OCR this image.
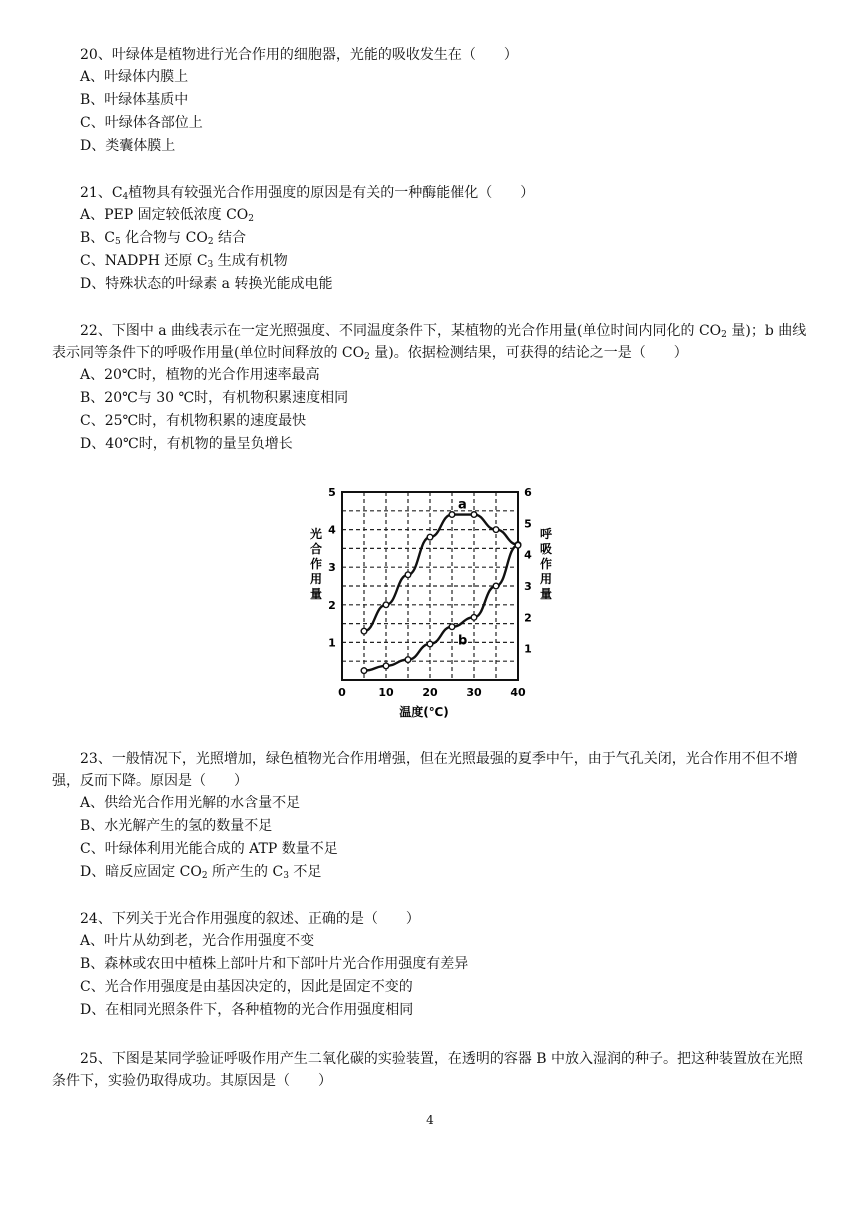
20、叶绿体是植物进行光合作用的细胞器，光能的吸收发生在（　　）

A、叶绿体内膜上

B、叶绿体基质中

C、叶绿体各部位上

D、类囊体膜上

21、$C_4$植物具有较强光合作用强度的原因是有关的一种酶能催化（　　）

A、PEP 固定较低浓度 $CO_2$

B、$C_5$ 化合物与 $CO_2$ 结合

C、NADPH 还原 $C_3$ 生成有机物

D、特殊状态的叶绿素 a 转换光能成电能

22、下图中 a 曲线表示在一定光照强度、不同温度条件下，某植物的光合作用量(单位时间内同化的 $CO_2$ 量)；b 曲线表示同等条件下的呼吸作用量(单位时间释放的 $CO_2$ 量)。依据检测结果，可获得的结论之一是（　　）

A、20℃时，植物的光合作用速率最高

B、20℃与 30 ℃时，有机物积累速度相同

C、25℃时，有机物积累的速度最快

D、40℃时，有机物的量呈负增长

0	10	20	30	40
1
2
3
4
5
1
2
3
4
5
6
a
b
光
合
作
用
量
呼
吸
作
用
量
温度(℃)

23、一般情况下，光照增加，绿色植物光合作用增强，但在光照最强的夏季中午，由于气孔关闭，光合作用不但不增强，反而下降。原因是（　　）

A、供给光合作用光解的水含量不足

B、水光解产生的氢的数量不足

C、叶绿体利用光能合成的 ATP 数量不足

D、暗反应固定 $CO_2$ 所产生的 $C_3$ 不足

24、下列关于光合作用强度的叙述、正确的是（　　）

A、叶片从幼到老，光合作用强度不变

B、森林或农田中植株上部叶片和下部叶片光合作用强度有差异

C、光合作用强度是由基因决定的，因此是固定不变的

D、在相同光照条件下，各种植物的光合作用强度相同

25、下图是某同学验证呼吸作用产生二氧化碳的实验装置，在透明的容器 B 中放入湿润的种子。把这种装置放在光照条件下，实验仍取得成功。其原因是（　　）

4
